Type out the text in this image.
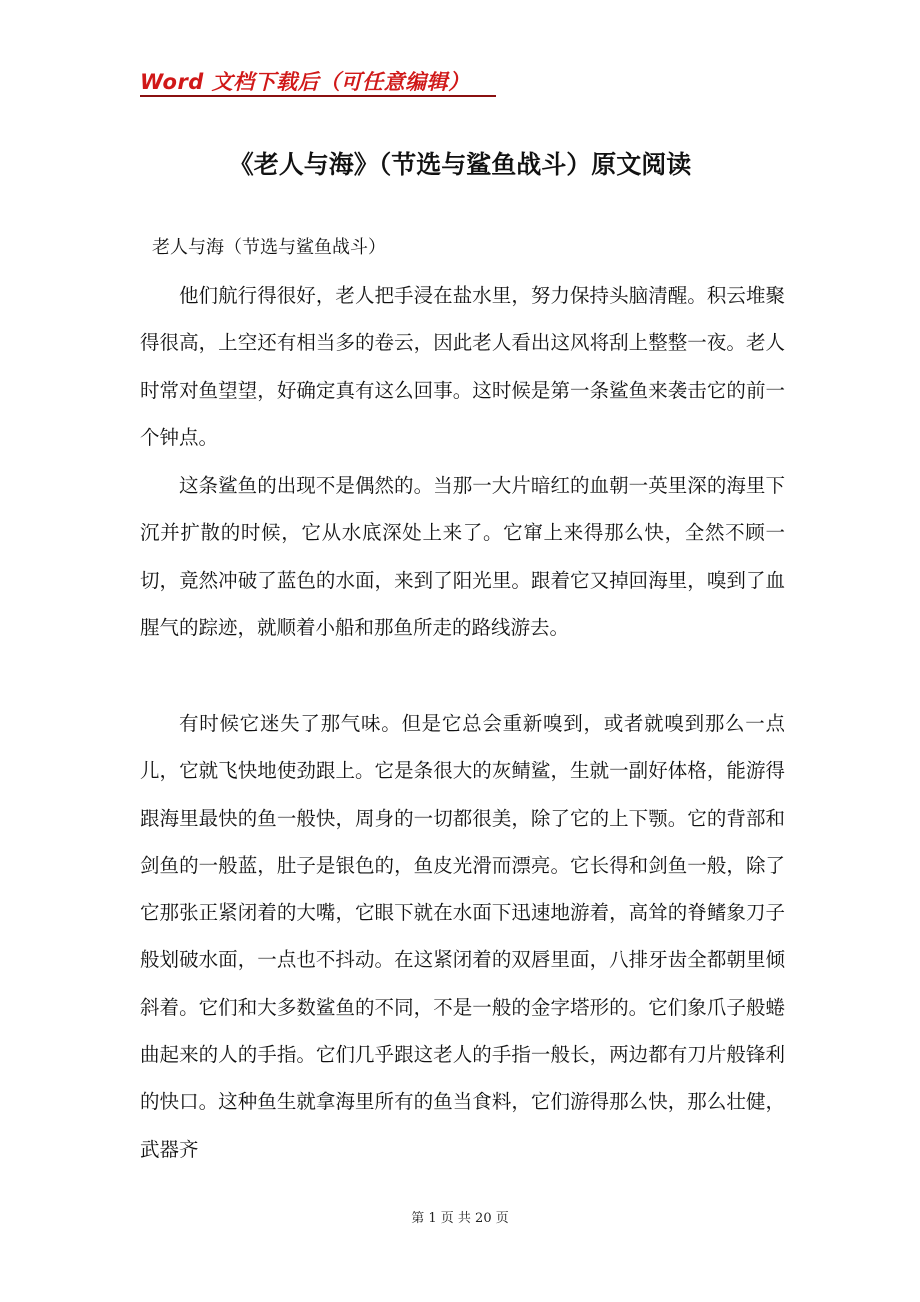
Word 文档下载后（可任意编辑）
《老人与海》（节选与鲨鱼战斗）原文阅读
老人与海（节选与鲨鱼战斗）

他们航行得很好，老人把手浸在盐水里，努力保持头脑清醒。积云堆聚得很高，上空还有相当多的卷云，因此老人看出这风将刮上整整一夜。老人时常对鱼望望，好确定真有这么回事。这时候是第一条鲨鱼来袭击它的前一个钟点。

这条鲨鱼的出现不是偶然的。当那一大片暗红的血朝一英里深的海里下沉并扩散的时候，它从水底深处上来了。它窜上来得那么快，全然不顾一切，竟然冲破了蓝色的水面，来到了阳光里。跟着它又掉回海里，嗅到了血腥气的踪迹，就顺着小船和那鱼所走的路线游去。

有时候它迷失了那气味。但是它总会重新嗅到，或者就嗅到那么一点儿，它就飞快地使劲跟上。它是条很大的灰鲭鲨，生就一副好体格，能游得跟海里最快的鱼一般快，周身的一切都很美，除了它的上下颚。它的背部和剑鱼的一般蓝，肚子是银色的，鱼皮光滑而漂亮。它长得和剑鱼一般，除了它那张正紧闭着的大嘴，它眼下就在水面下迅速地游着，高耸的脊鳍象刀子般划破水面，一点也不抖动。在这紧闭着的双唇里面，八排牙齿全都朝里倾斜着。它们和大多数鲨鱼的不同，不是一般的金字塔形的。它们象爪子般蜷曲起来的人的手指。它们几乎跟这老人的手指一般长，两边都有刀片般锋利的快口。这种鱼生就拿海里所有的鱼当食料，它们游得那么快，那么壮健，武器齐

第 1 页 共 20 页
